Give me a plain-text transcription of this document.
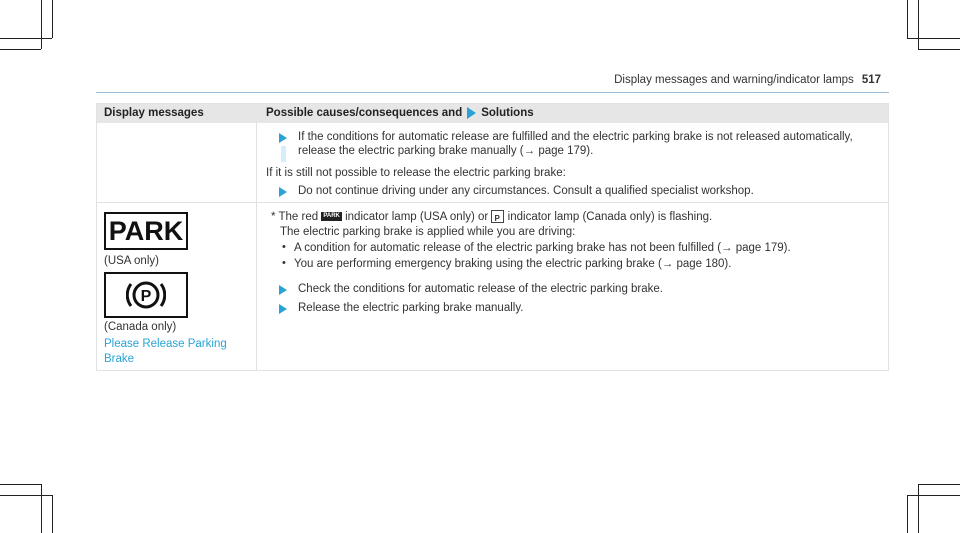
Display messages and warning/indicator lamps 517
Display messages	Possible causes/consequences and Solutions
If the conditions for automatic release are fulfilled and the electric parking brake is not released automatically,
release the electric parking brake manually (→ page 179).
If it is still not possible to release the electric parking brake:
Do not continue driving under any circumstances. Consult a qualified specialist workshop.
PARK
(USA only)
P
(Canada only)
Please Release Parking Brake
* The red PARK indicator lamp (USA only) or P indicator lamp (Canada only) is flashing.
The electric parking brake is applied while you are driving:
• A condition for automatic release of the electric parking brake has not been fulfilled (→ page 179).
• You are performing emergency braking using the electric parking brake (→ page 180).
Check the conditions for automatic release of the electric parking brake.
Release the electric parking brake manually.
